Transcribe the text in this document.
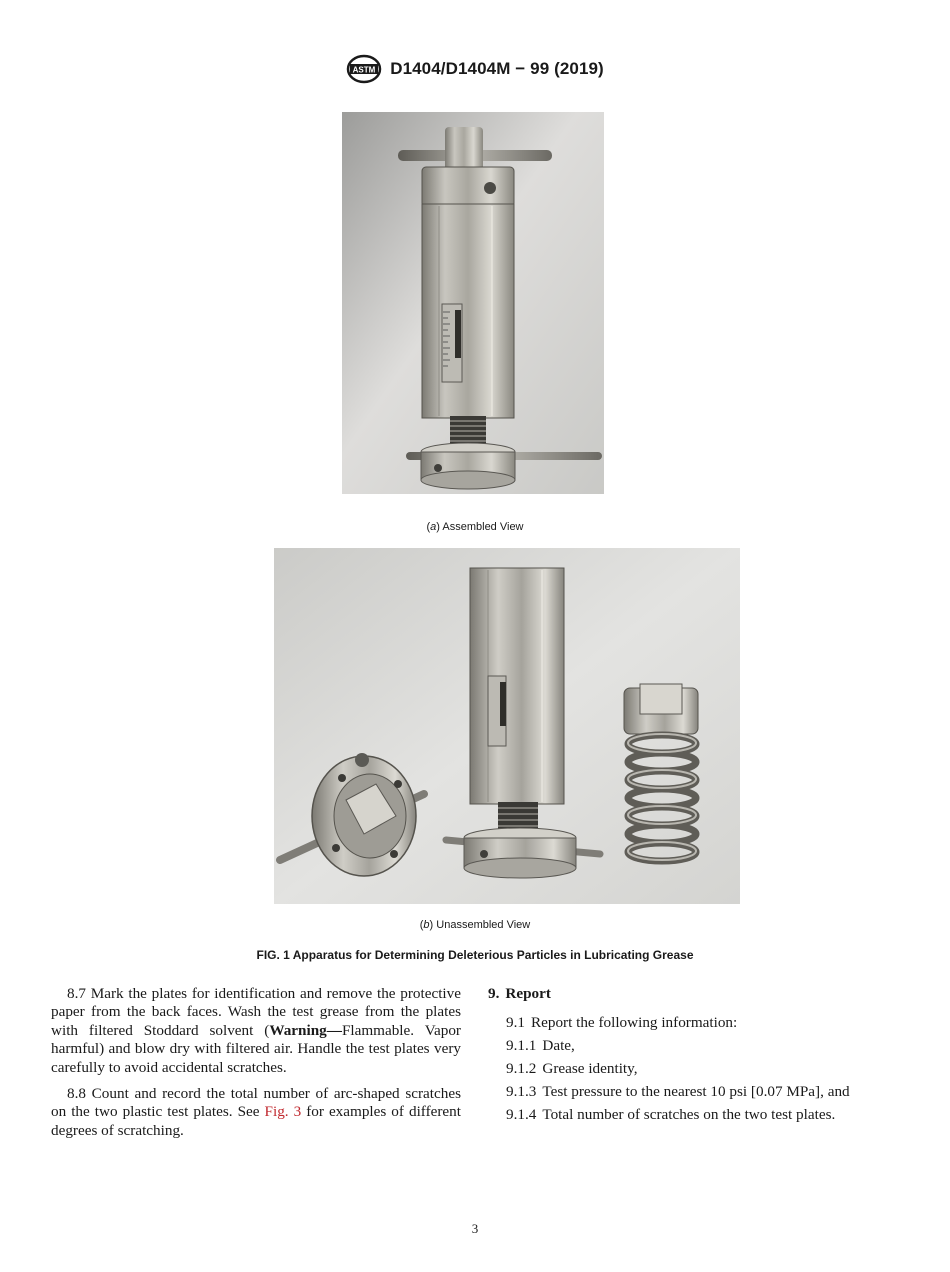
ASTM D1404/D1404M − 99 (2019)
(a) Assembled View
(b) Unassembled View
FIG. 1 Apparatus for Determining Deleterious Particles in Lubricating Grease

8.7 Mark the plates for identification and remove the protective paper from the back faces. Wash the test grease from the plates with filtered Stoddard solvent (Warning—Flammable. Vapor harmful) and blow dry with filtered air. Handle the test plates very carefully to avoid accidental scratches.

8.8 Count and record the total number of arc-shaped scratches on the two plastic test plates. See Fig. 3 for examples of different degrees of scratching.

9. Report
9.1 Report the following information:
9.1.1 Date,
9.1.2 Grease identity,
9.1.3 Test pressure to the nearest 10 psi [0.07 MPa], and
9.1.4 Total number of scratches on the two test plates.
3
